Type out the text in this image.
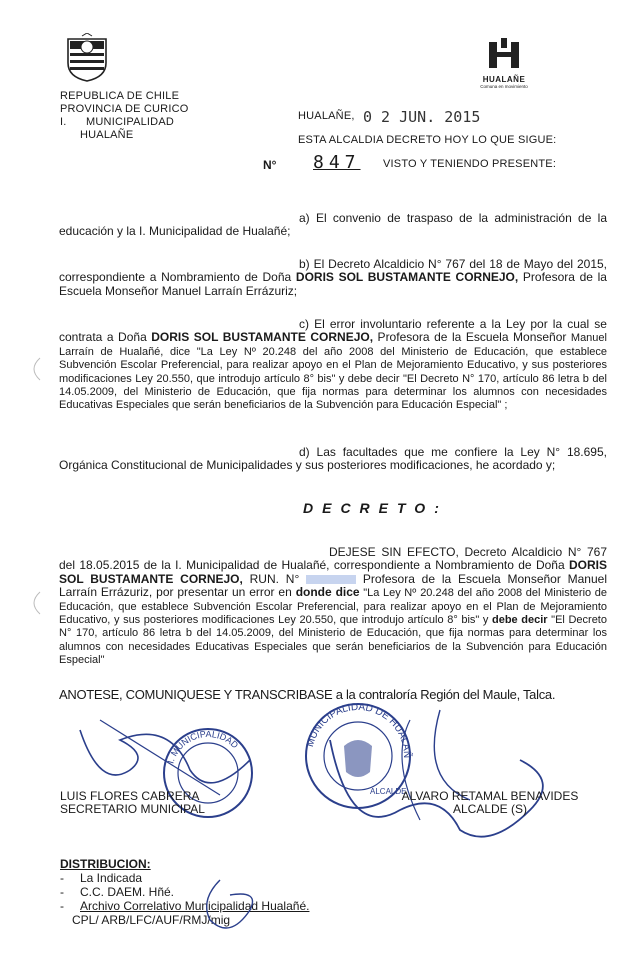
REPUBLICA DE CHILE
PROVINCIA DE CURICO
I.      MUNICIPALIDAD
HUALAÑE
HUALAÑE
Comuna en movimiento
HUALAÑE, 0 2 JUN. 2015
ESTA ALCALDIA DECRETO HOY LO QUE SIGUE:
N° 847 VISTO Y TENIENDO PRESENTE:
a) El convenio de traspaso de la administración de la educación y la I. Municipalidad de Hualañé;
b) El Decreto Alcaldicio N° 767 del 18 de Mayo del 2015, correspondiente a Nombramiento de Doña DORIS SOL BUSTAMANTE CORNEJO, Profesora de la Escuela Monseñor Manuel Larraín Errázuriz;
c) El error involuntario referente a la Ley por la cual se contrata a Doña DORIS SOL BUSTAMANTE CORNEJO, Profesora de la Escuela Monseñor Manuel Larraín de Hualañé, dice "La Ley Nº 20.248 del año 2008 del Ministerio de Educación, que establece Subvención Escolar Preferencial, para realizar apoyo en el Plan de Mejoramiento Educativo, y sus posteriores modificaciones Ley 20.550, que introdujo artículo 8° bis" y debe decir "El Decreto N° 170, artículo 86 letra b del 14.05.2009, del Ministerio de Educación, que fija normas para determinar los alumnos con necesidades Educativas Especiales que serán beneficiarios de la Subvención para Educación Especial" ;
d) Las facultades que me confiere la Ley N° 18.695, Orgánica Constitucional de Municipalidades y sus posteriores modificaciones, he acordado y;
DECRETO:
DEJESE SIN EFECTO, Decreto Alcaldicio N° 767 del 18.05.2015 de la I. Municipalidad de Hualañé, correspondiente a Nombramiento de Doña DORIS SOL BUSTAMANTE CORNEJO, RUN. N°	Profesora de la Escuela Monseñor Manuel Larraín Errázuriz, por presentar un error en donde dice "La Ley Nº 20.248 del año 2008 del Ministerio de Educación, que establece Subvención Escolar Preferencial, para realizar apoyo en el Plan de Mejoramiento Educativo, y sus posteriores modificaciones Ley 20.550, que introdujo artículo 8° bis" y debe decir "El Decreto N° 170, artículo 86 letra b del 14.05.2009, del Ministerio de Educación, que fija normas para determinar los alumnos con necesidades Educativas Especiales que serán beneficiarios de la Subvención para Educación Especial"
ANOTESE, COMUNIQUESE Y TRANSCRIBASE a la contraloría Región del Maule, Talca.
I. MUNICIPALIDAD	MUNICIPALIDAD DE HUALAÑ
ALCALDE
LUIS FLORES CABRERA
SECRETARIO MUNICIPAL
ALVARO RETAMAL BENAVIDES
ALCALDE (S)
DISTRIBUCION:
- La Indicada
- C.C. DAEM. Hñé.
- Archivo Correlativo Municipalidad Hualañé.
CPL/ ARB/LFC/AUF/RMJ/mig
